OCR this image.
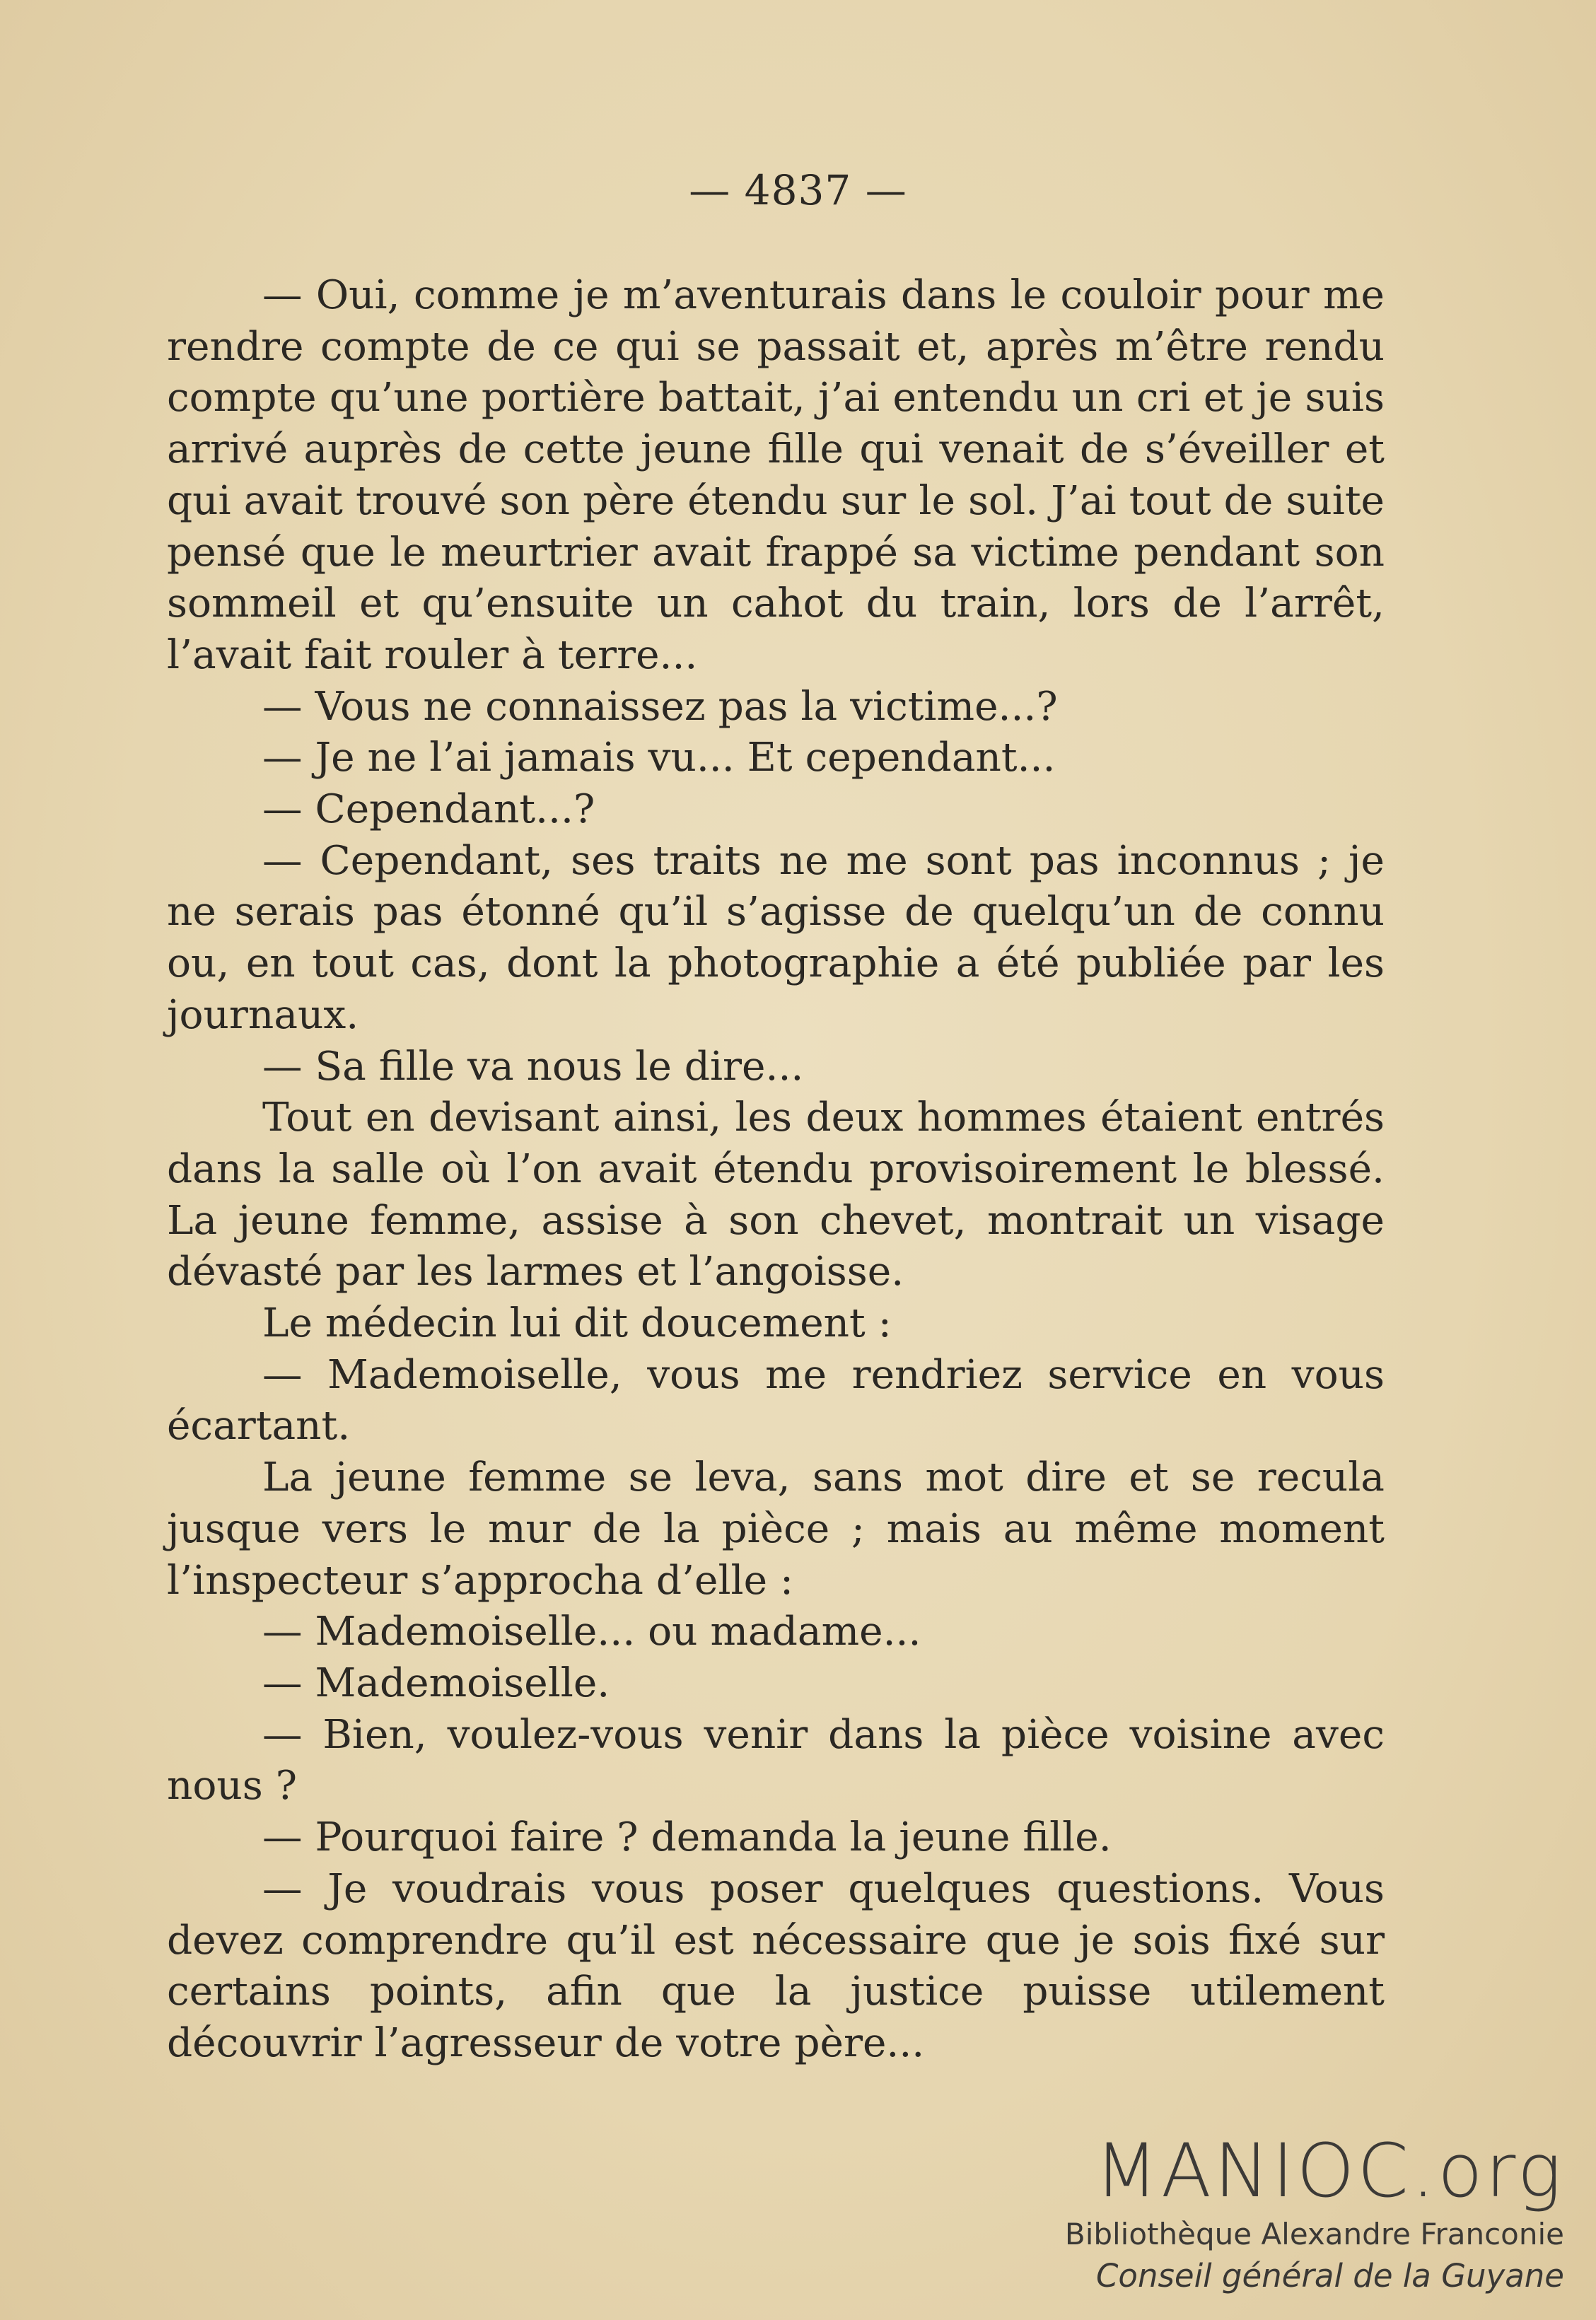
— 4837 —

— Oui, comme je m’aventurais dans le couloir pour me rendre compte de ce qui se passait et, après m’être rendu compte qu’une portière battait, j’ai entendu un cri et je suis arrivé auprès de cette jeune fille qui venait de s’éveiller et qui avait trouvé son père étendu sur le sol. J’ai tout de suite pensé que le meurtrier avait frappé sa victime pendant son sommeil et qu’ensuite un cahot du train, lors de l’arrêt, l’avait fait rouler à terre...

— Vous ne connaissez pas la victime...?

— Je ne l’ai jamais vu... Et cependant...

— Cependant...?

— Cependant, ses traits ne me sont pas inconnus ; je ne serais pas étonné qu’il s’agisse de quelqu’un de connu ou, en tout cas, dont la photographie a été publiée par les journaux.

— Sa fille va nous le dire...

Tout en devisant ainsi, les deux hommes étaient entrés dans la salle où l’on avait étendu provisoirement le blessé. La jeune femme, assise à son chevet, montrait un visage dévasté par les larmes et l’angoisse.

Le médecin lui dit doucement :

— Mademoiselle, vous me rendriez service en vous écartant.

La jeune femme se leva, sans mot dire et se recula jusque vers le mur de la pièce ; mais au même moment l’inspecteur s’approcha d’elle :

— Mademoiselle... ou madame...

— Mademoiselle.

— Bien, voulez-vous venir dans la pièce voisine avec nous ?

— Pourquoi faire ? demanda la jeune fille.

— Je voudrais vous poser quelques questions. Vous devez comprendre qu’il est nécessaire que je sois fixé sur certains points, afin que la justice puisse utilement découvrir l’agresseur de votre père...

MANIOC.org
Bibliothèque Alexandre Franconie
Conseil général de la Guyane
